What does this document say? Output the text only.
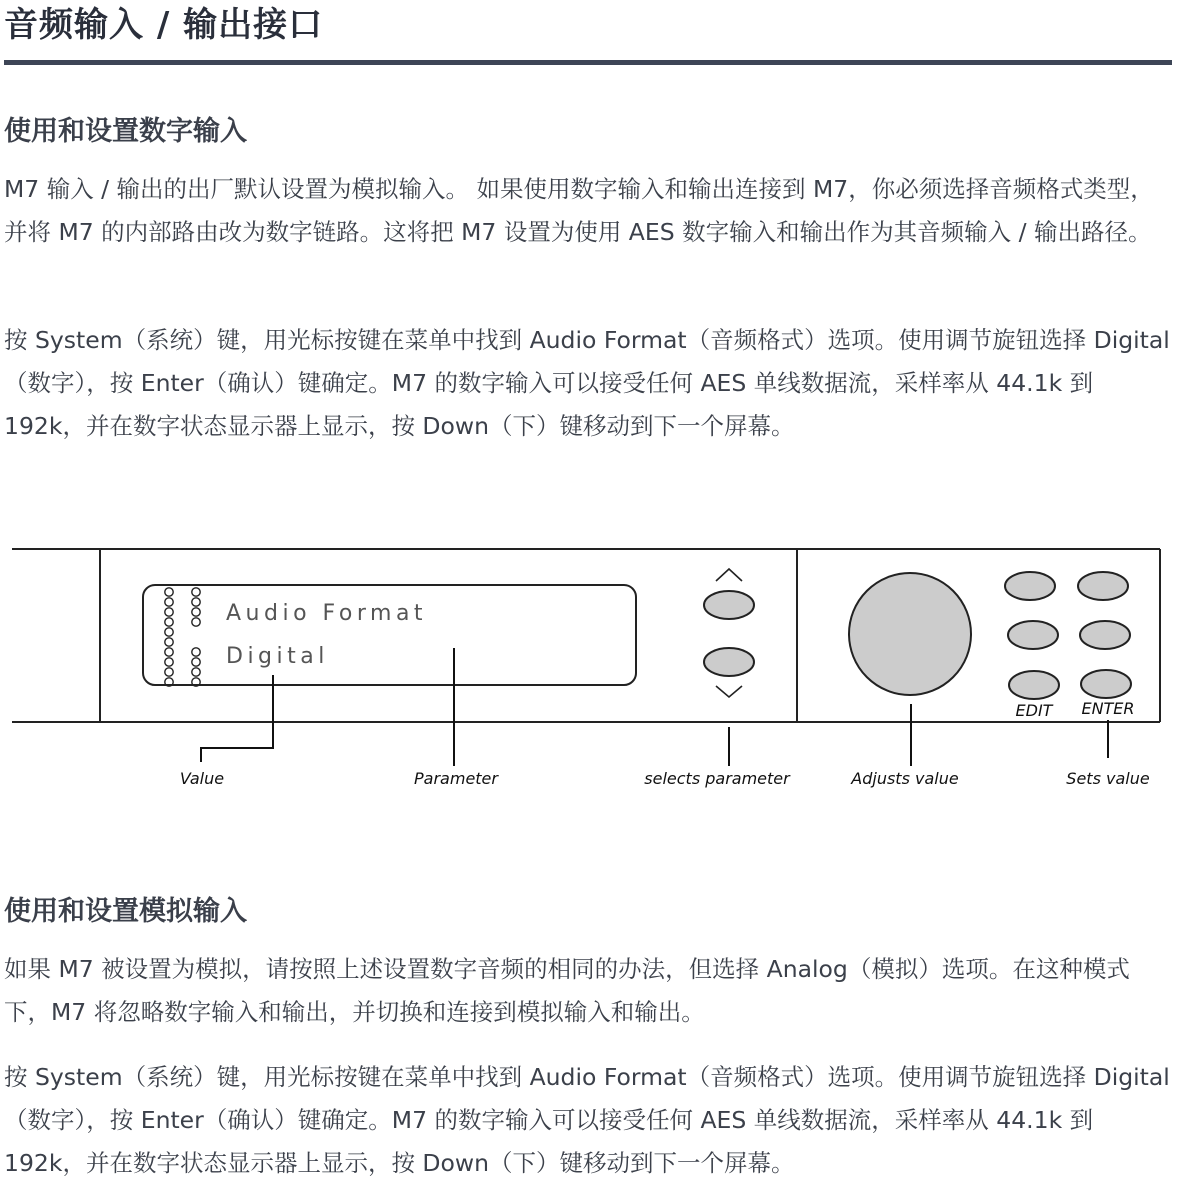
音频输入 / 输出接口
使用和设置数字输入

M7 输入 / 输出的出厂默认设置为模拟输入。 如果使用数字输入和输出连接到 M7，你必须选择音频格式类型，并将 M7 的内部路由改为数字链路。这将把 M7 设置为使用 AES 数字输入和输出作为其音频输入 / 输出路径。

按 System（系统）键，用光标按键在菜单中找到 Audio Format（音频格式）选项。使用调节旋钮选择 Digital（数字），按 Enter（确认）键确定。M7 的数字输入可以接受任何 AES 单线数据流，采样率从 44.1k 到 192k，并在数字状态显示器上显示，按 Down（下）键移动到下一个屏幕。

Audio Format
Digital
EDIT ENTER
Value	Parameter	selects parameter	Adjusts value	Sets value
使用和设置模拟输入

如果 M7 被设置为模拟，请按照上述设置数字音频的相同的办法，但选择 Analog（模拟）选项。在这种模式下，M7 将忽略数字输入和输出，并切换和连接到模拟输入和输出。

按 System（系统）键，用光标按键在菜单中找到 Audio Format（音频格式）选项。使用调节旋钮选择 Digital（数字），按 Enter（确认）键确定。M7 的数字输入可以接受任何 AES 单线数据流，采样率从 44.1k 到 192k，并在数字状态显示器上显示，按 Down（下）键移动到下一个屏幕。
